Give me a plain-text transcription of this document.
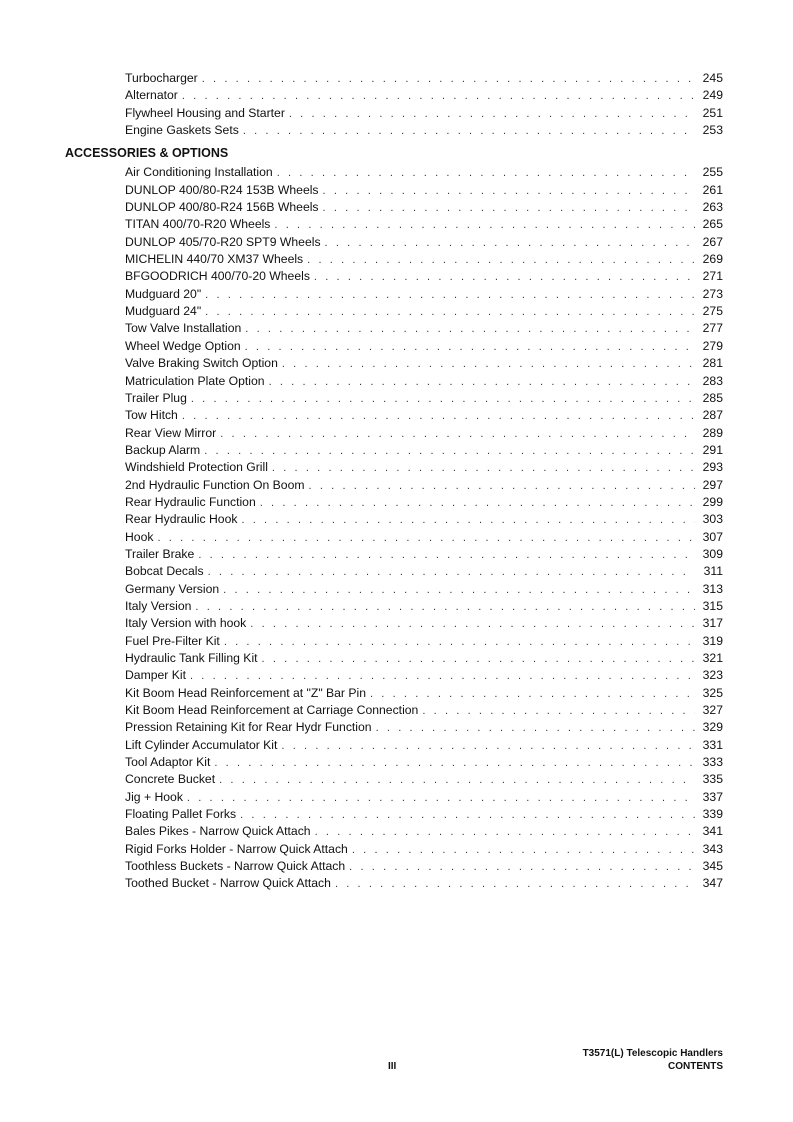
Turbocharger . . .	245
Alternator . . .	249
Flywheel Housing and Starter . . .	251
Engine Gaskets Sets . . .	253
ACCESSORIES & OPTIONS
Air Conditioning Installation . . .	255
DUNLOP 400/80-R24 153B Wheels . . .	261
DUNLOP 400/80-R24 156B Wheels . . .	263
TITAN 400/70-R20 Wheels . . .	265
DUNLOP 405/70-R20 SPT9 Wheels . . .	267
MICHELIN 440/70 XM37 Wheels . . .	269
BFGOODRICH 400/70-20 Wheels . . .	271
Mudguard 20" . . .	273
Mudguard 24" . . .	275
Tow Valve Installation . . .	277
Wheel Wedge Option . . .	279
Valve Braking Switch Option . . .	281
Matriculation Plate Option . . .	283
Trailer Plug . . .	285
Tow Hitch . . .	287
Rear View Mirror . . .	289
Backup Alarm . . .	291
Windshield Protection Grill . . .	293
2nd Hydraulic Function On Boom . . .	297
Rear Hydraulic Function . . .	299
Rear Hydraulic Hook . . .	303
Hook . . .	307
Trailer Brake . . .	309
Bobcat Decals . . .	311
Germany Version . . .	313
Italy Version . . .	315
Italy Version with hook . . .	317
Fuel Pre-Filter Kit . . .	319
Hydraulic Tank Filling Kit . . .	321
Damper Kit . . .	323
Kit Boom Head Reinforcement at "Z" Bar Pin . . .	325
Kit Boom Head Reinforcement at Carriage Connection . . .	327
Pression Retaining Kit for Rear Hydr Function . . .	329
Lift Cylinder Accumulator Kit . . .	331
Tool Adaptor Kit . . .	333
Concrete Bucket . . .	335
Jig + Hook . . .	337
Floating Pallet Forks . . .	339
Bales Pikes - Narrow Quick Attach . . .	341
Rigid Forks Holder - Narrow Quick Attach . . .	343
Toothless Buckets - Narrow Quick Attach . . .	345
Toothed Bucket - Narrow Quick Attach . . .	347
T3571(L) Telescopic Handlers
CONTENTS
III
